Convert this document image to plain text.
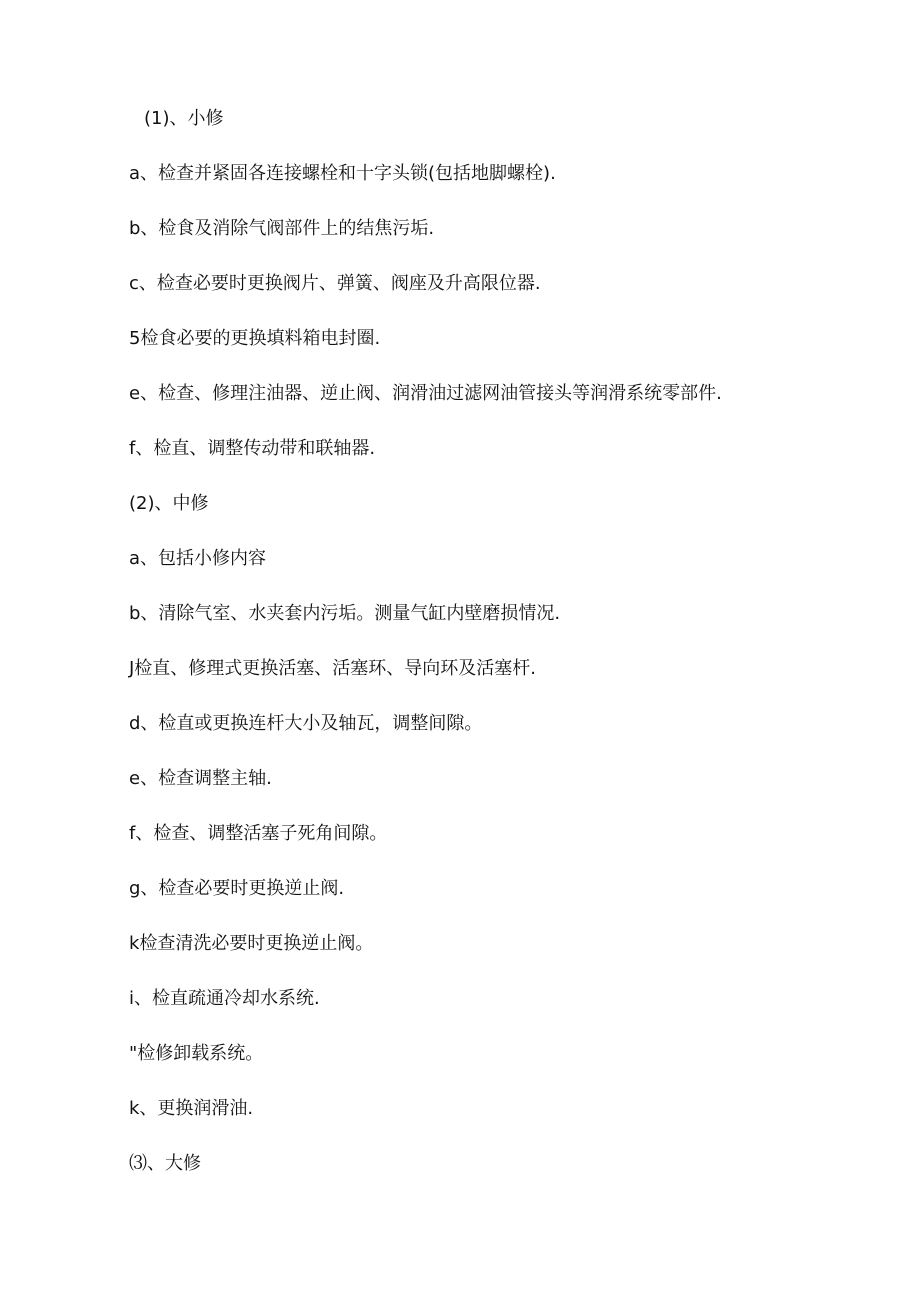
(1)、小修
a、检查并紧固各连接螺栓和十字头锁(包括地脚螺栓).
b、检食及消除气阀部件上的结焦污垢.
c、检查必要时更换阀片、弹簧、阀座及升高限位器.
5检食必要的更换填料箱电封圈.
e、检查、修理注油器、逆止阀、润滑油过滤网油管接头等润滑系统零部件.
f、检直、调整传动带和联轴器.
(2)、中修
a、包括小修内容
b、清除气室、水夹套内污垢。测量气缸内壁磨损情况.
J检直、修理式更换活塞、活塞环、导向环及活塞杆.
d、检直或更换连杆大小及轴瓦，调整间隙。
e、检查调整主轴.
f、检查、调整活塞子死角间隙。
g、检查必要时更换逆止阀.
k检查清洗必要时更换逆止阀。
i、检直疏通冷却水系统.
"检修卸载系统。
k、更换润滑油.
⑶、大修
